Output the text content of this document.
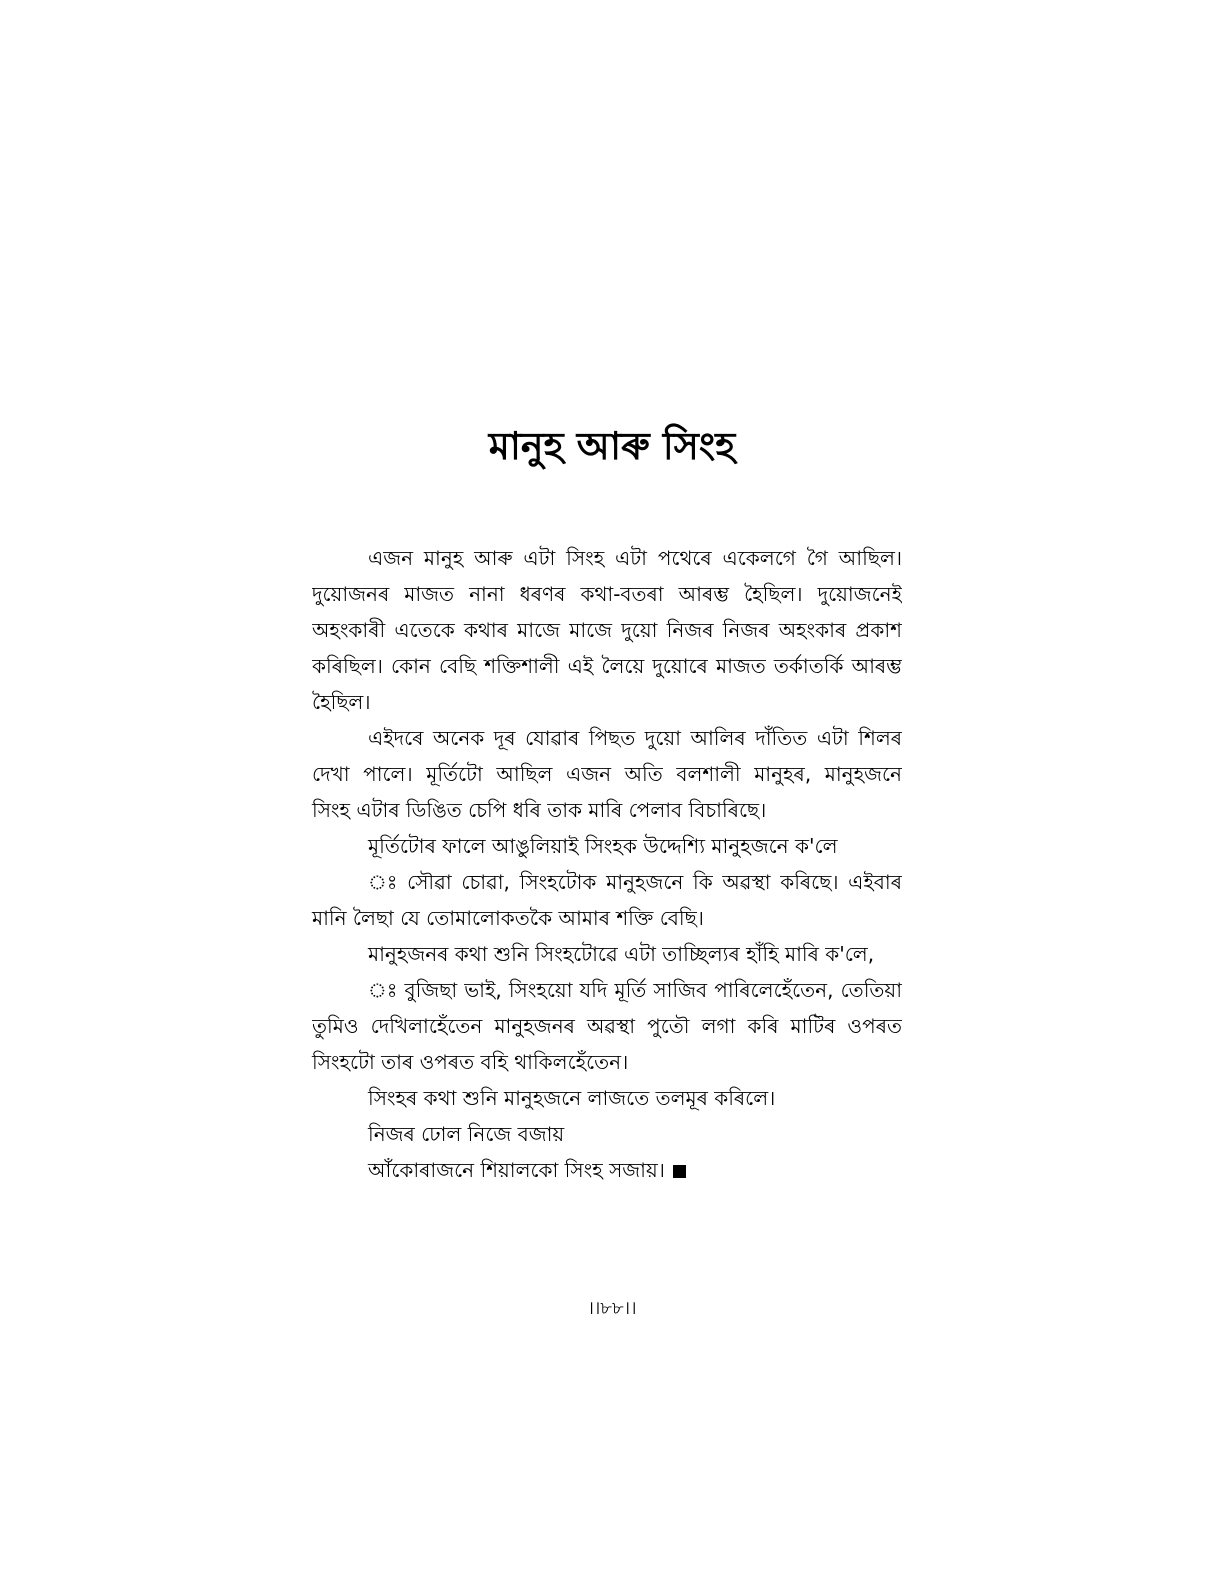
মানুহ আৰু সিংহ
এজন মানুহ আৰু এটা সিংহ এটা পথেৰে একেলগে গৈ আছিল।
দুয়োজনৰ মাজত নানা ধৰণৰ কথা-বতৰা আৰম্ভ হৈছিল। দুয়োজনেই
অহংকাৰী এতেকে কথাৰ মাজে মাজে দুয়ো নিজৰ নিজৰ অহংকাৰ প্ৰকাশ
কৰিছিল। কোন বেছি শক্তিশালী এই লৈয়ে দুয়োৰে মাজত তৰ্কাতৰ্কি আৰম্ভ
হৈছিল।
এইদৰে অনেক দূৰ যোৱাৰ পিছত দুয়ো আলিৰ দাঁতিত এটা শিলৰ
দেখা পালে। মূৰ্তিটো আছিল এজন অতি বলশালী মানুহৰ, মানুহজনে
সিংহ এটাৰ ডিঙিত চেপি ধৰি তাক মাৰি পেলাব বিচাৰিছে।
মূৰ্তিটোৰ ফালে আঙুলিয়াই সিংহক উদ্দেশ্যি মানুহজনে ক'লে
ঃ সৌৱা চোৱা, সিংহটোক মানুহজনে কি অৱস্থা কৰিছে। এইবাৰ
মানি লৈছা যে তোমালোকতকৈ আমাৰ শক্তি বেছি।
মানুহজনৰ কথা শুনি সিংহটোৱে এটা তাচ্ছিল্যৰ হাঁহি মাৰি ক'লে,
ঃ বুজিছা ভাই, সিংহয়ো যদি মূৰ্তি সাজিব পাৰিলেহেঁতেন, তেতিয়া
তুমিও দেখিলাহেঁতেন মানুহজনৰ অৱস্থা পুতৌ লগা কৰি মাটিৰ ওপৰত
সিংহটো তাৰ ওপৰত বহি থাকিলহেঁতেন।
সিংহৰ কথা শুনি মানুহজনে লাজতে তলমূৰ কৰিলে।
নিজৰ ঢোল নিজে বজায়
আঁকোৰাজনে শিয়ালকো সিংহ সজায়।
।।৮৮।।
